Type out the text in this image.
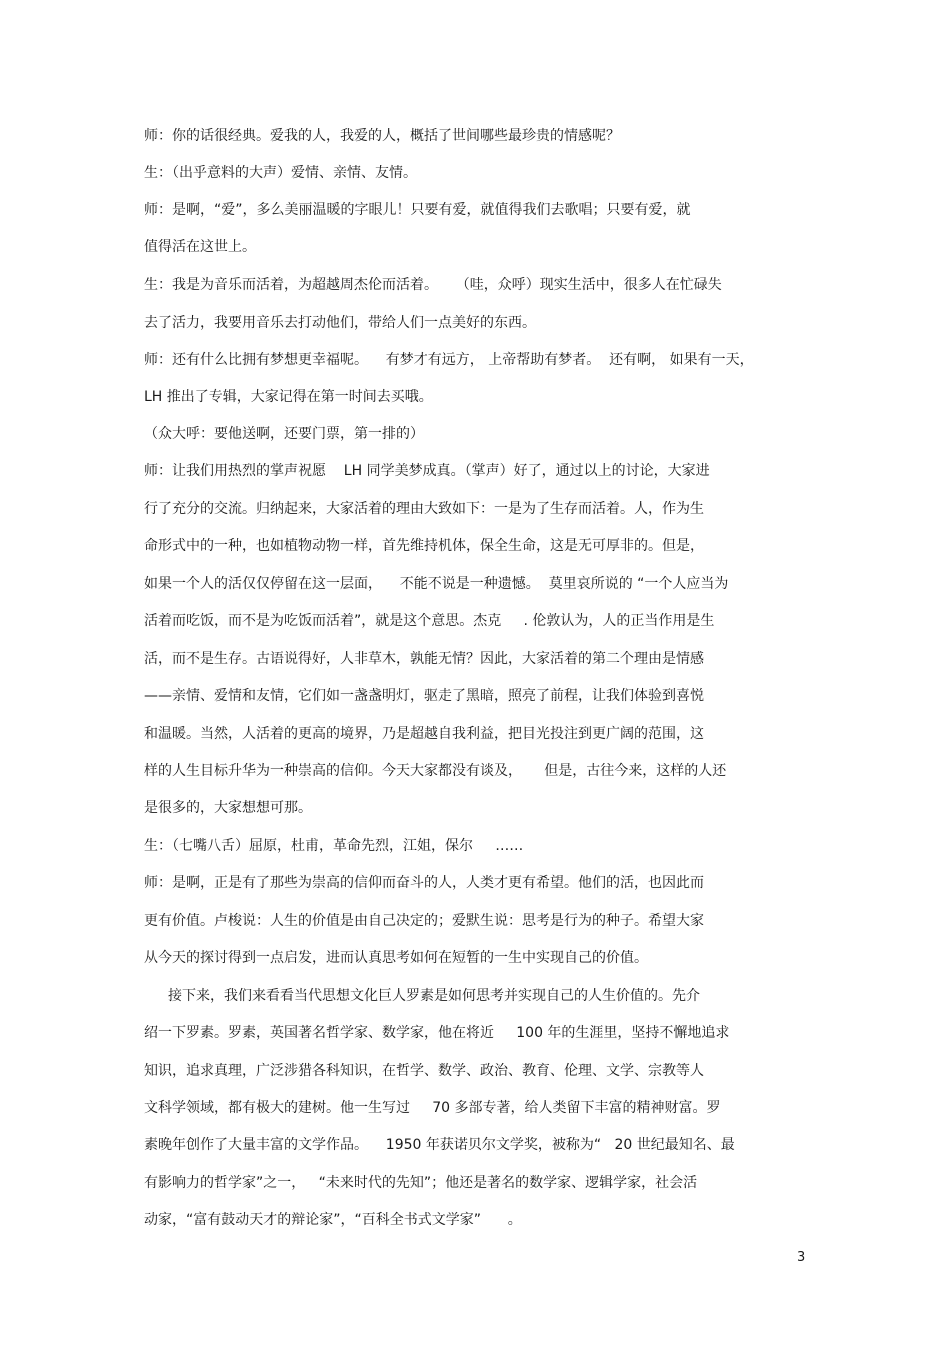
师：你的话很经典。爱我的人，我爱的人，概括了世间哪些最珍贵的情感呢？

生：（出乎意料的大声）爱情、亲情、友情。

师：是啊，“爱”，多么美丽温暖的字眼儿！只要有爱，就值得我们去歌唱；只要有爱，就

值得活在这世上。

生：我是为音乐而活着，为超越周杰伦而活着。    （哇，众呼）现实生活中，很多人在忙碌失

去了活力，我要用音乐去打动他们，带给人们一点美好的东西。

师：还有什么比拥有梦想更幸福呢。    有梦才有远方， 上帝帮助有梦者。  还有啊， 如果有一天，

LH 推出了专辑，大家记得在第一时间去买哦。

（众大呼：要他送啊，还要门票，第一排的）

师：让我们用热烈的掌声祝愿    LH 同学美梦成真。（掌声）好了，通过以上的讨论，大家进

行了充分的交流。归纳起来，大家活着的理由大致如下：一是为了生存而活着。人，作为生

命形式中的一种，也如植物动物一样，首先维持机体，保全生命，这是无可厚非的。但是，

如果一个人的活仅仅停留在这一层面，    不能不说是一种遗憾。  莫里哀所说的 “一个人应当为

活着而吃饭，而不是为吃饭而活着”，就是这个意思。杰克     . 伦敦认为，人的正当作用是生

活，而不是生存。古语说得好，人非草木，孰能无情？因此，大家活着的第二个理由是情感

——亲情、爱情和友情，它们如一盏盏明灯，驱走了黑暗，照亮了前程，让我们体验到喜悦

和温暖。当然，人活着的更高的境界，乃是超越自我利益，把目光投注到更广阔的范围，这

样的人生目标升华为一种崇高的信仰。今天大家都没有谈及，     但是，古往今来，这样的人还

是很多的，大家想想可那。

生：（七嘴八舌）屈原，杜甫，革命先烈，江姐，保尔     ……

师：是啊，正是有了那些为崇高的信仰而奋斗的人，人类才更有希望。他们的活，也因此而

更有价值。卢梭说：人生的价值是由自己决定的；爱默生说：思考是行为的种子。希望大家

从今天的探讨得到一点启发，进而认真思考如何在短暂的一生中实现自己的价值。

接下来，我们来看看当代思想文化巨人罗素是如何思考并实现自己的人生价值的。先介

绍一下罗素。罗素，英国著名哲学家、数学家，他在将近     100 年的生涯里，坚持不懈地追求

知识，追求真理，广泛涉猎各科知识，在哲学、数学、政治、教育、伦理、文学、宗教等人

文科学领域，都有极大的建树。他一生写过     70 多部专著，给人类留下丰富的精神财富。罗

素晚年创作了大量丰富的文学作品。    1950 年获诺贝尔文学奖，被称为“   20 世纪最知名、最

有影响力的哲学家”之一，   “未来时代的先知”；他还是著名的数学家、逻辑学家，社会活

动家，“富有鼓动天才的辩论家”，“百科全书式文学家”      。

3
